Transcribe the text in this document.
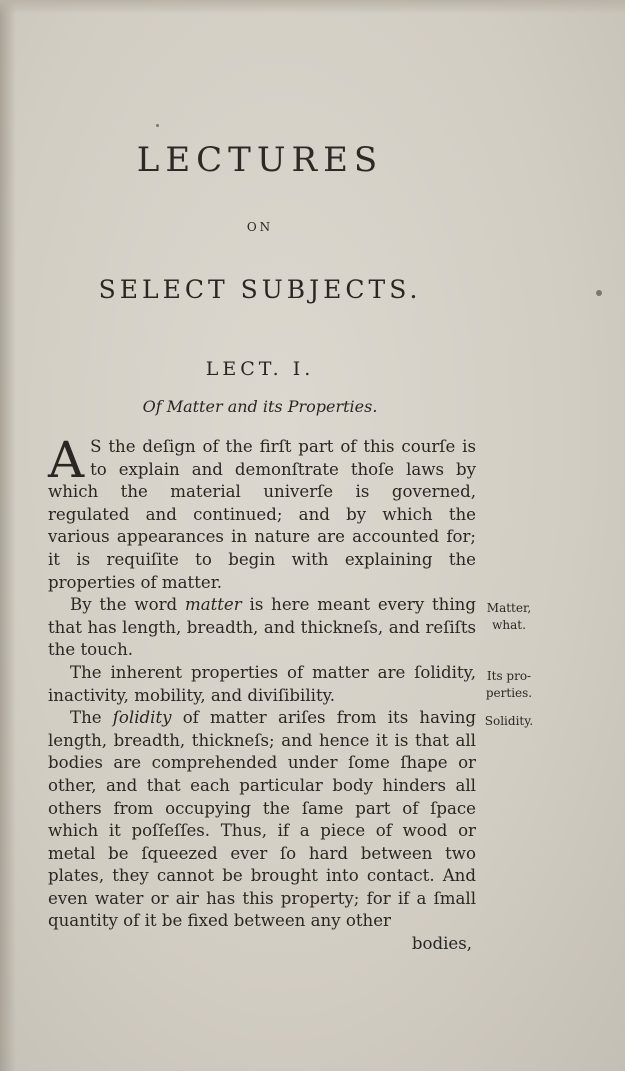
LECTURES
ON
SELECT SUBJECTS.
LECT. I.
Of Matter and its Properties.

A S the deſign of the firſt part of this courſe is to explain and demonſtrate thoſe laws by which the material univerſe is governed, regulated and continued; and by which the various appearances in nature are accounted for; it is requiſite to begin with explaining the properties of matter.

By the word matter is here meant every thing that has length, breadth, and thickneſs, and reſiſts the touch.

The inherent properties of matter are ſolidity, inactivity, mobility, and diviſibility.

The ſolidity of matter ariſes from its having length, breadth, thickneſs; and hence it is that all bodies are comprehended under ſome ſhape or other, and that each particular body hinders all others from occupying the ſame part of ſpace which it poſſeſſes. Thus, if a piece of wood or metal be ſqueezed ever ſo hard between two plates, they cannot be brought into contact. And even water or air has this property; for if a ſmall quantity of it be fixed between any other

bodies,
Matter,
what.
Its pro-
perties.
Solidity.
